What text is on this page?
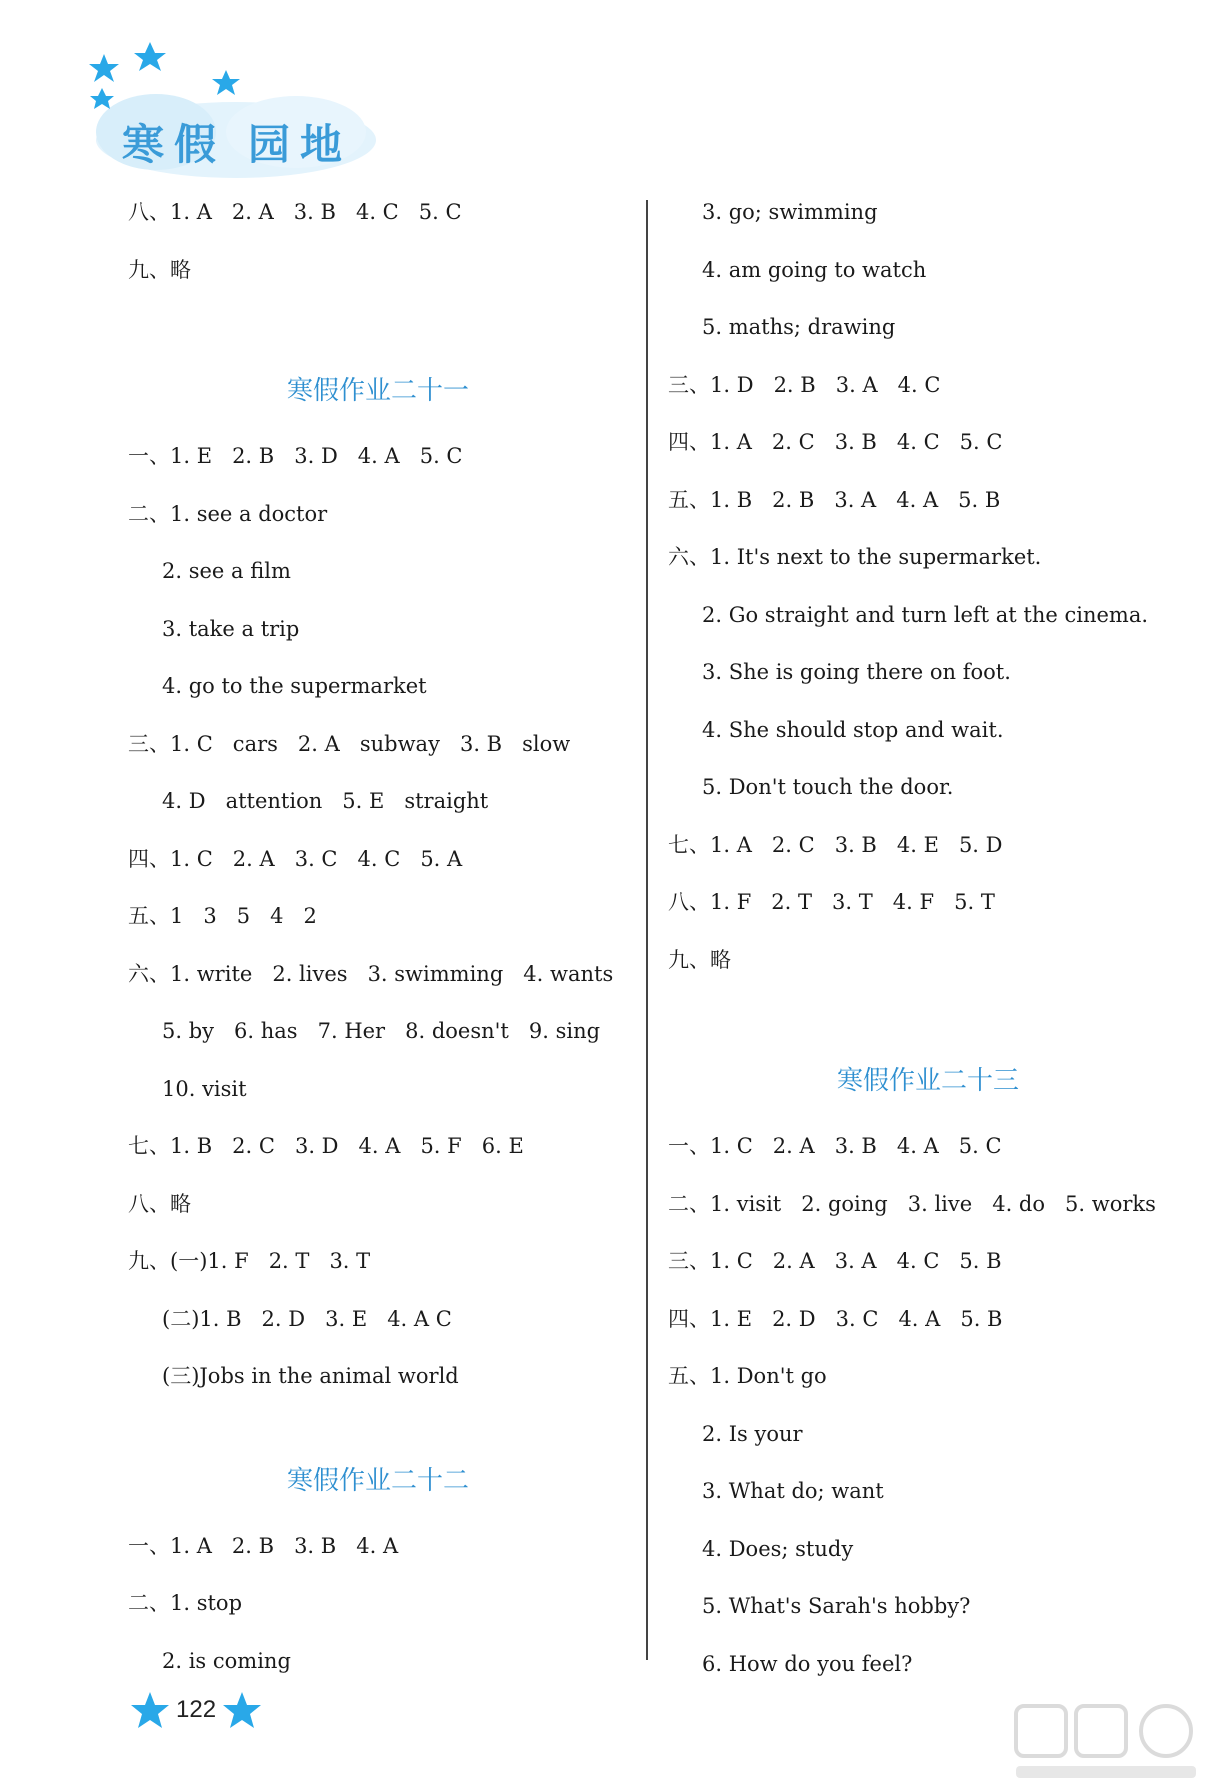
寒 假 园 地
八、1. A   2. A   3. B   4. C   5. C
九、略
寒假作业二十一
一、1. E   2. B   3. D   4. A   5. C
二、1. see a doctor
2. see a film
3. take a trip
4. go to the supermarket
三、1. C   cars   2. A   subway   3. B   slow
4. D   attention   5. E   straight
四、1. C   2. A   3. C   4. C   5. A
五、1   3   5   4   2
六、1. write   2. lives   3. swimming   4. wants
5. by   6. has   7. Her   8. doesn't   9. sing
10. visit
七、1. B   2. C   3. D   4. A   5. F   6. E
八、略
九、(一)1. F   2. T   3. T
(二)1. B   2. D   3. E   4. A C
(三)Jobs in the animal world
寒假作业二十二
一、1. A   2. B   3. B   4. A
二、1. stop
2. is coming
3. go; swimming
4. am going to watch
5. maths; drawing
三、1. D   2. B   3. A   4. C
四、1. A   2. C   3. B   4. C   5. C
五、1. B   2. B   3. A   4. A   5. B
六、1. It's next to the supermarket.
2. Go straight and turn left at the cinema.
3. She is going there on foot.
4. She should stop and wait.
5. Don't touch the door.
七、1. A   2. C   3. B   4. E   5. D
八、1. F   2. T   3. T   4. F   5. T
九、略
寒假作业二十三
一、1. C   2. A   3. B   4. A   5. C
二、1. visit   2. going   3. live   4. do   5. works
三、1. C   2. A   3. A   4. C   5. B
四、1. E   2. D   3. C   4. A   5. B
五、1. Don't go
2. Is your
3. What do; want
4. Does; study
5. What's Sarah's hobby?
6. How do you feel?
122
